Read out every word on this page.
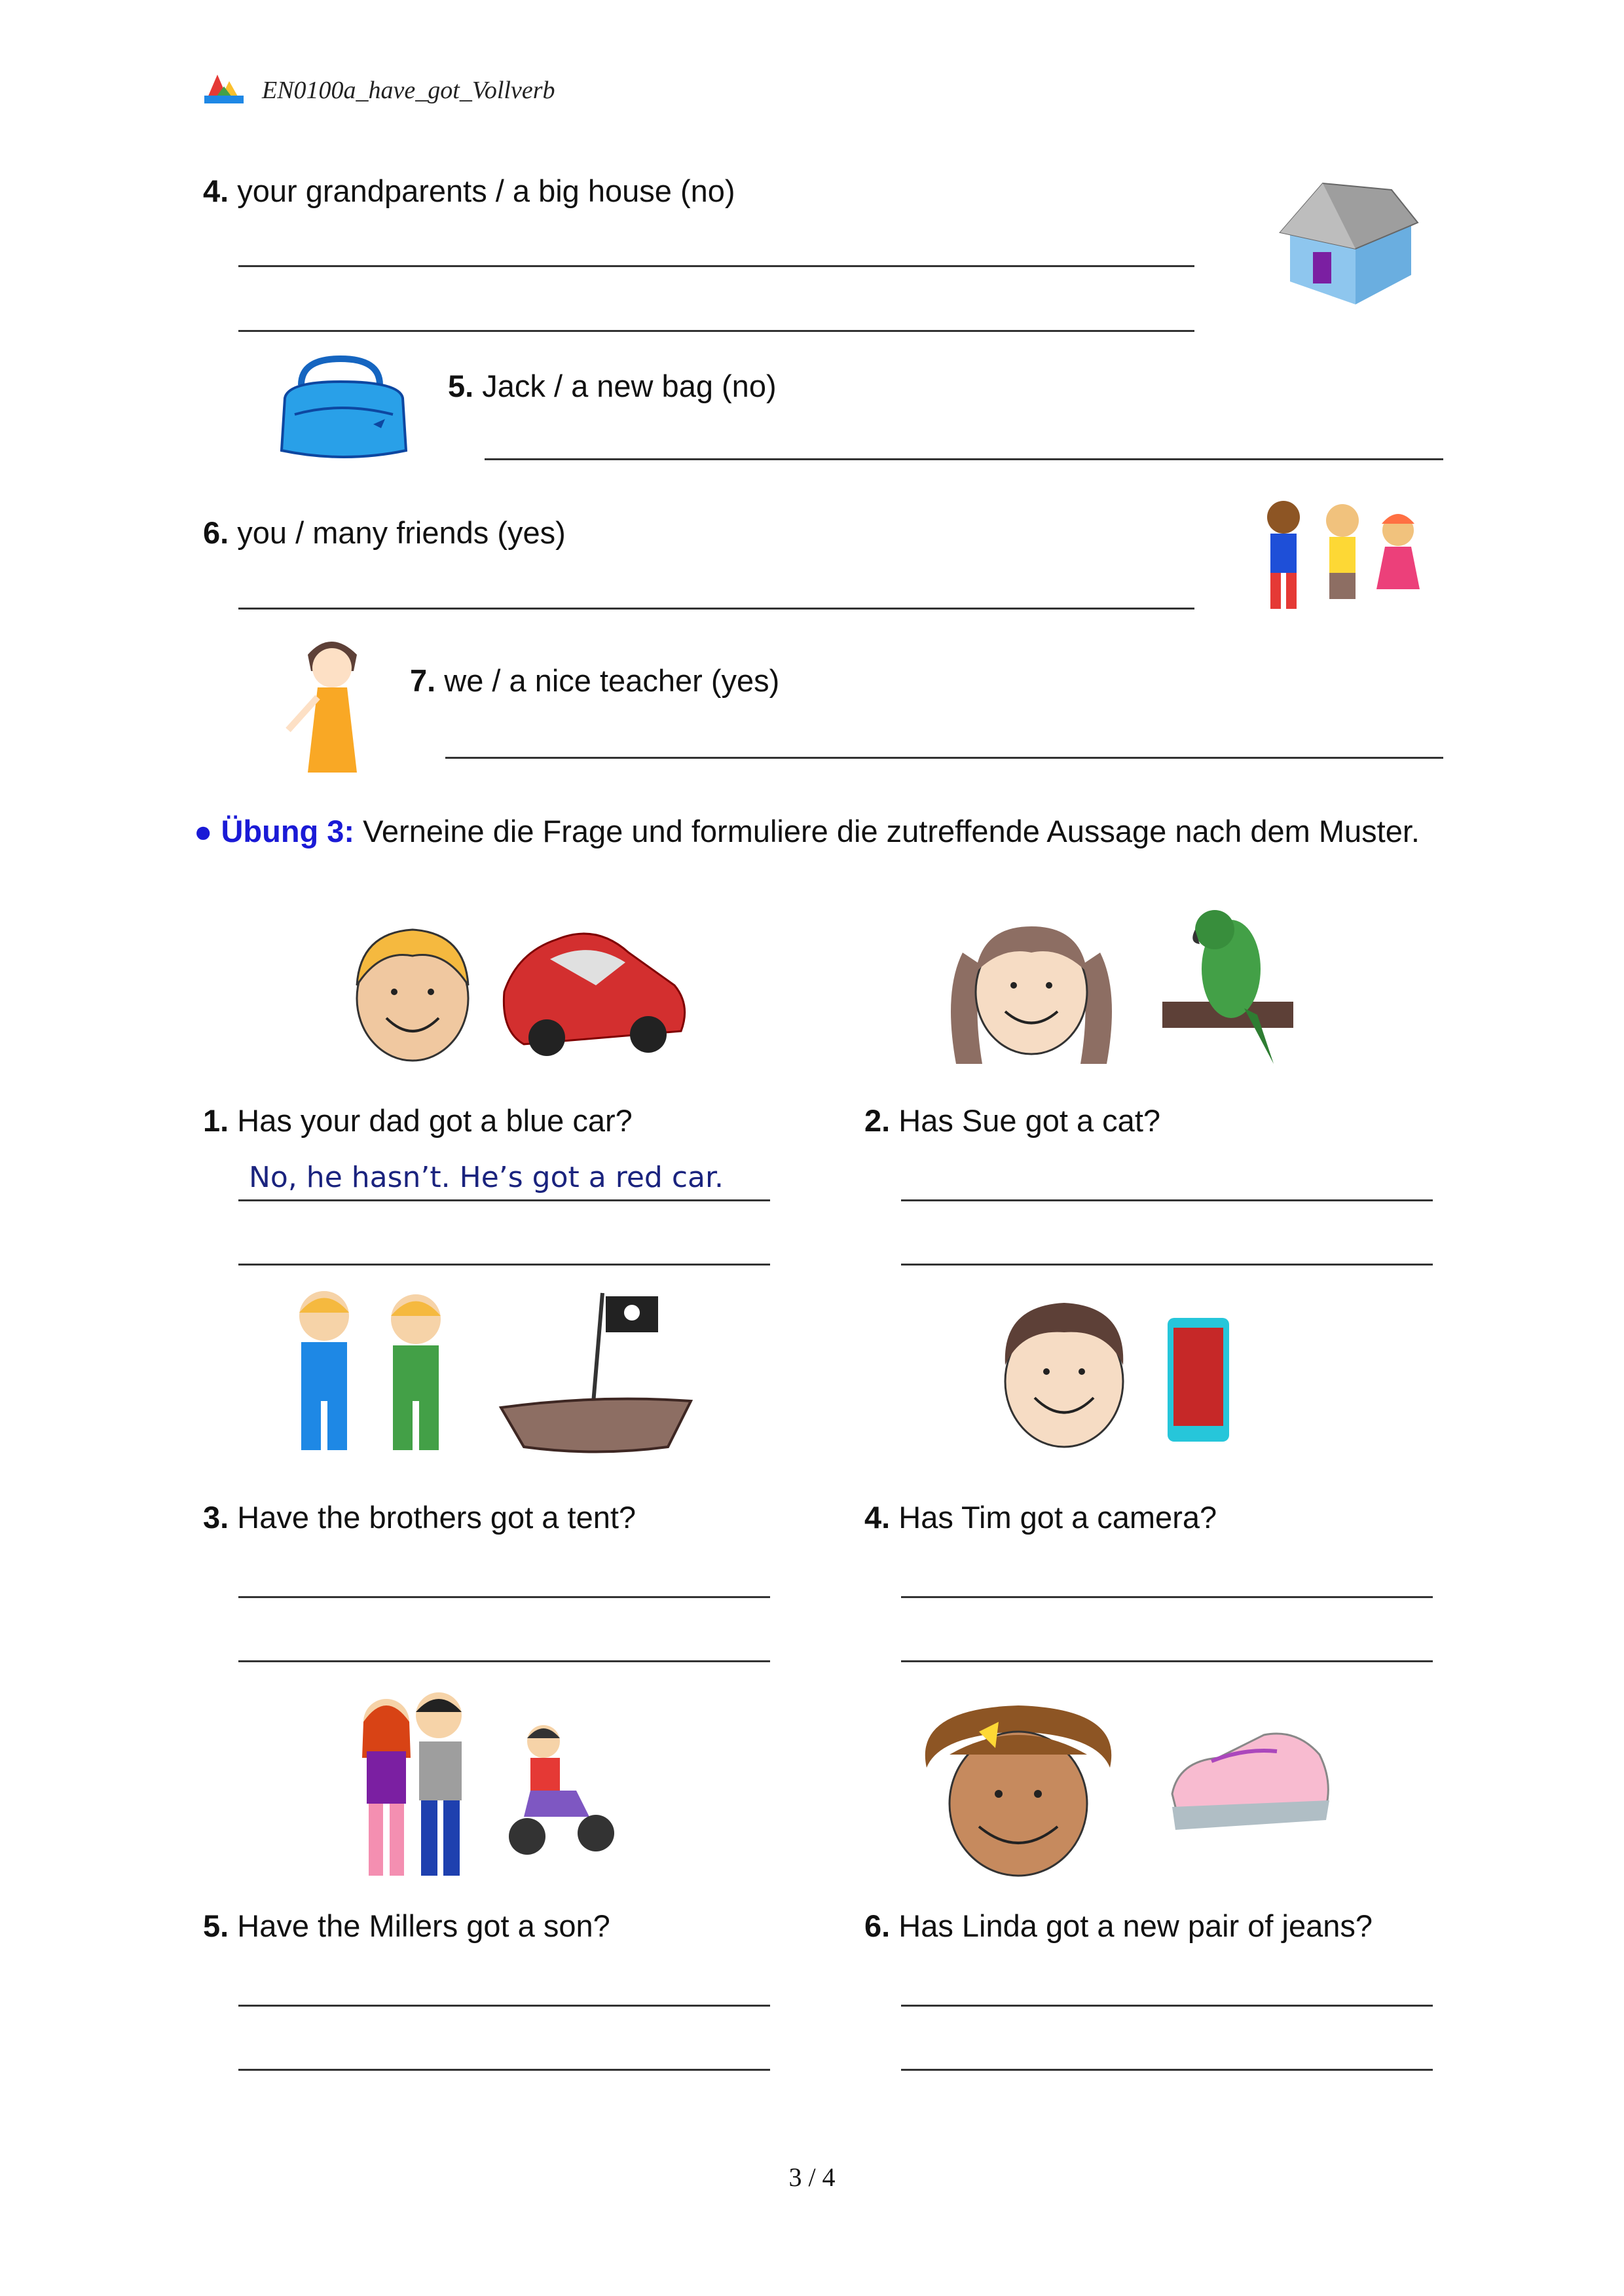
EN0100a_have_got_Vollverb
4. your grandparents / a big house (no)
5. Jack / a new bag (no)
6. you / many friends (yes)
7. we / a nice teacher (yes)
● Übung 3: Verneine die Frage und formuliere die zutreffende Aussage nach dem Muster.
1. Has your dad got a blue car?
No, he hasn’t. He’s got a red car.
2. Has Sue got a cat?
3. Have the brothers got a tent?	4. Has Tim got a camera?
5. Have the Millers got a son?	6. Has Linda got a new pair of jeans?
3 / 4
